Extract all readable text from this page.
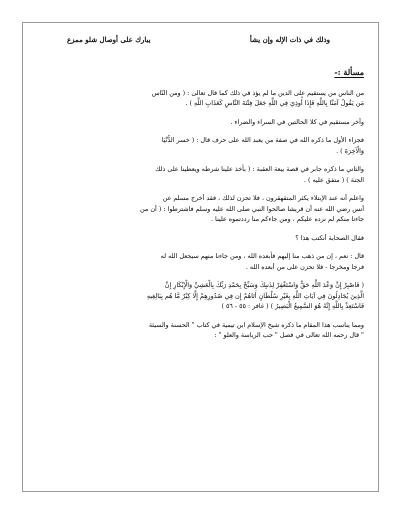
وذلك في ذات الإله وإن يشأ
يبارك على أوصال شلو ممزع
مسألة :-

من الناس من يستقيم على الدين ما لم يؤذ في ذلك كما قال تعالى : ( ومن النّاس

مَن يَقُولُ آمَنَّا بِاللَّهِ فَإِذَا أُوذِيَ فِي اللَّهِ جَعَلَ فِتْنَةَ النَّاسِ كَعَذَابِ اللَّهِ ) .

وآخر مستقيم في كلا الحالتين في السراء والضراء .

فجزاء الأول ما ذكره الله في صفة من يعبد الله على حرف قال : ( خسر الدُّنْيَا

وَالْآخِرَةَ ) .

والثاني ما ذكره جابر في قصة بيعة العقبة : ( بأخذ علينا شرطه ويعطينا على ذلك

الجنة ) ( متفق عليه ) .

واعلم أنه عند الإبتلاء يكثر المتقهقرون ، فلا تحزن لذلك ، فقد أخرج مسلم عن

أنس رضي الله عنه أن قريشا صالحوا النبي صلى الله عليه وسلم فاشترطوا : ( أن من

جاءنا منكم لم نرده عليكم ، ومن جاءكم منا رددتموه علينا .

فقال الصحابة أنكتب هذا ؟

قال : نعم ، إن من ذهب منا إليهم فأبعده الله ، ومن جاءنا منهم سيجعل الله له

فرجا ومخرجا - فلا تحزن على من أبعده الله .

( فَاصْبِرْ إِنَّ وَعْدَ اللَّهِ حَقٌّ وَاسْتَغْفِرْ لِذَنبِكَ وَسَبِّحْ بِحَمْدِ رَبِّكَ بِالْعَشِيِّ وَالْإِبْكَارِ إِنَّ

الَّذِينَ يُجَادِلُونَ فِي آيَاتِ اللَّهِ بِغَيْرِ سُلْطَانٍ أَتَاهُمْ إِن فِي صُدُورِهِمْ إِلَّا كِبْرٌ مَّا هُم بِبَالِغِيهِ

فَاسْتَعِذْ بِاللَّهِ إِنَّهُ هُوَ السَّمِيعُ الْبَصِيرُ ) ( غافر : ٥٥ - ٥٦ )

ومما يناسب هذا المقام ما ذكره شيخ الإسلام ابن تيمية في كتاب " الحسنة والسيئة

" قال رحمه الله تعالى في فصل " حب الرياسة والعلو " :
